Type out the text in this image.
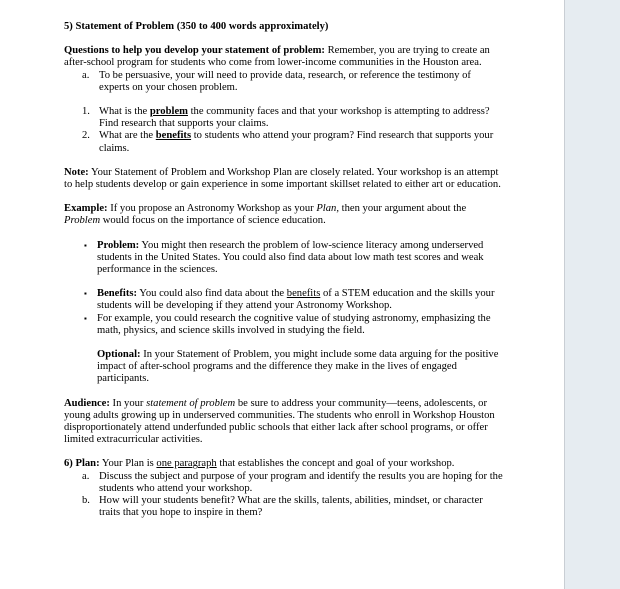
5) Statement of Problem (350 to 400 words approximately)

Questions to help you develop your statement of problem: Remember, you are trying to create an after-school program for students who come from lower-income communities in the Houston area.

a. To be persuasive, your will need to provide data, research, or reference the testimony of experts on your chosen problem.
1. What is the problem the community faces and that your workshop is attempting to address? Find research that supports your claims.
2. What are the benefits to students who attend your program? Find research that supports your claims.

Note: Your Statement of Problem and Workshop Plan are closely related. Your workshop is an attempt to help students develop or gain experience in some important skillset related to either art or education.

Example: If you propose an Astronomy Workshop as your Plan, then your argument about the Problem would focus on the importance of science education.

▪ Problem: You might then research the problem of low-science literacy among underserved students in the United States. You could also find data about low math test scores and weak performance in the sciences.
▪ Benefits: You could also find data about the benefits of a STEM education and the skills your students will be developing if they attend your Astronomy Workshop.
▪ For example, you could research the cognitive value of studying astronomy, emphasizing the math, physics, and science skills involved in studying the field.

Optional: In your Statement of Problem, you might include some data arguing for the positive impact of after-school programs and the difference they make in the lives of engaged participants.

Audience: In your statement of problem be sure to address your community—teens, adolescents, or young adults growing up in underserved communities. The students who enroll in Workshop Houston disproportionately attend underfunded public schools that either lack after school programs, or offer limited extracurricular activities.

6) Plan: Your Plan is one paragraph that establishes the concept and goal of your workshop.

a. Discuss the subject and purpose of your program and identify the results you are hoping for the students who attend your workshop.
b. How will your students benefit? What are the skills, talents, abilities, mindset, or character traits that you hope to inspire in them?
